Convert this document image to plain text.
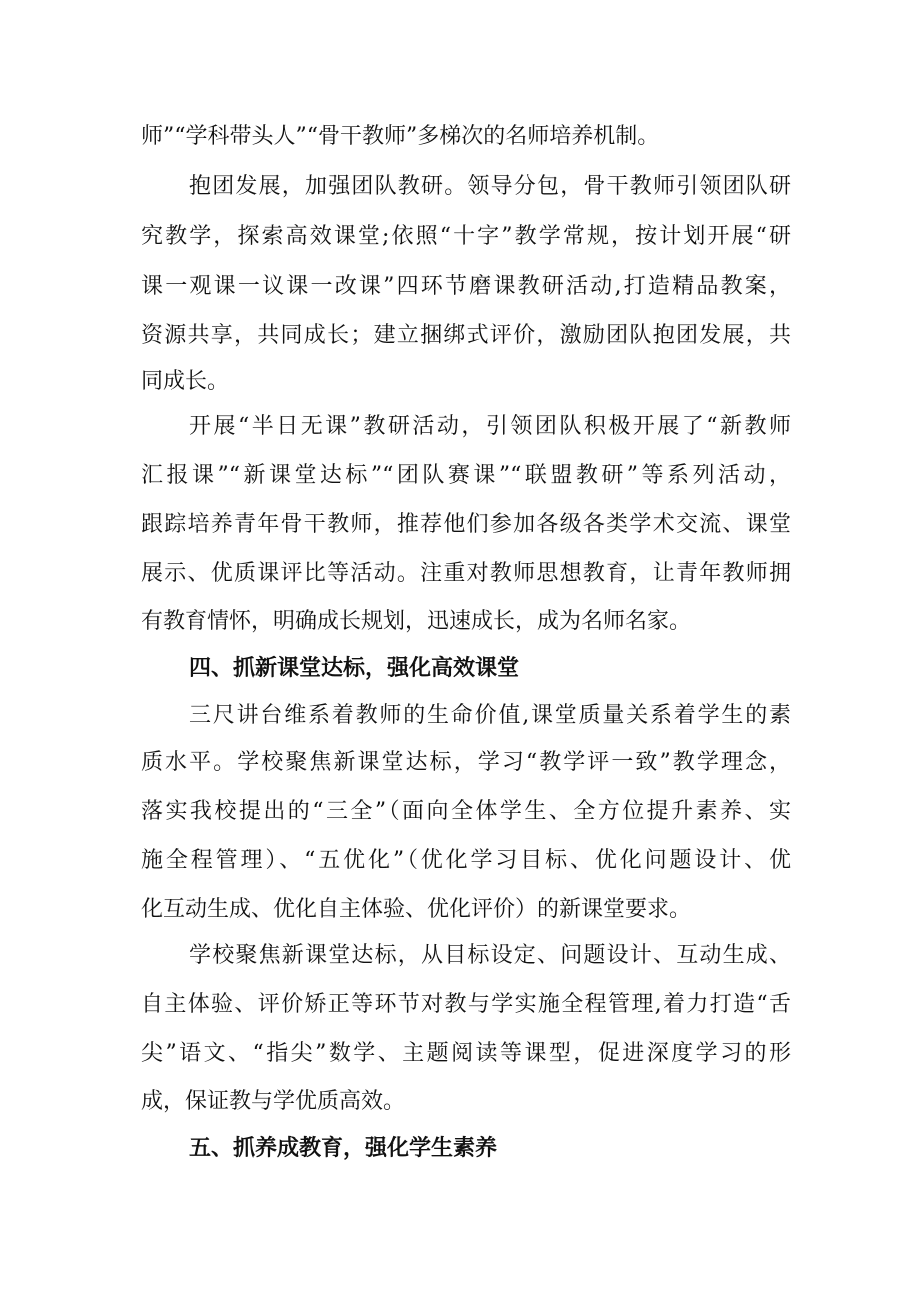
师”“学科带头人”“骨干教师”多梯次的名师培养机制。
抱团发展，加强团队教研。领导分包，骨干教师引领团队研
究教学，探索高效课堂;依照“十字”教学常规，按计划开展“研
课一观课一议课一改课”四环节磨课教研活动,打造精品教案，
资源共享，共同成长；建立捆绑式评价，激励团队抱团发展，共
同成长。
开展“半日无课”教研活动，引领团队积极开展了“新教师
汇报课”“新课堂达标”“团队赛课”“联盟教研”等系列活动，
跟踪培养青年骨干教师，推荐他们参加各级各类学术交流、课堂
展示、优质课评比等活动。注重对教师思想教育，让青年教师拥
有教育情怀，明确成长规划，迅速成长，成为名师名家。
四、抓新课堂达标，强化高效课堂
三尺讲台维系着教师的生命价值,课堂质量关系着学生的素
质水平。学校聚焦新课堂达标，学习“教学评一致”教学理念，
落实我校提出的“三全”（面向全体学生、全方位提升素养、实
施全程管理）、“五优化”（优化学习目标、优化问题设计、优
化互动生成、优化自主体验、优化评价）的新课堂要求。
学校聚焦新课堂达标，从目标设定、问题设计、互动生成、
自主体验、评价矫正等环节对教与学实施全程管理,着力打造“舌
尖”语文、“指尖”数学、主题阅读等课型，促进深度学习的形
成，保证教与学优质高效。
五、抓养成教育，强化学生素养
